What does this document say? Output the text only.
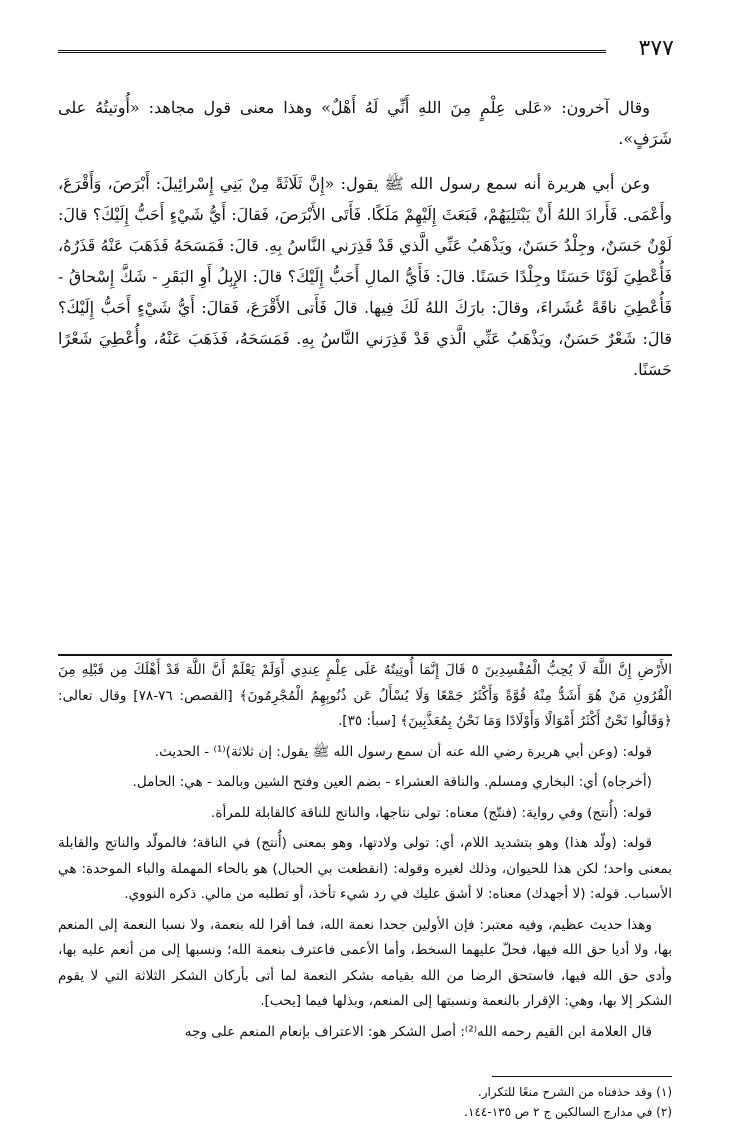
٣٧٧

وقال آخرون: «عَلى عِلْمٍ مِنَ اللهِ أَنِّي لَهُ أَهْلٌ» وهذا معنى قول مجاهد: «أُوتيتُهُ على شَرَفٍ».

وعن أبي هريرة أنه سمع رسول الله ﷺ يقول: «إِنَّ ثَلَاثَةً مِنْ بَنِي إِسْرائِيلَ: أَبْرَصَ، وَأَقْرَعَ، وأَعْمَى. فَأَرادَ اللهُ أَنْ يَبْتَلِيَهُمْ، فَبَعَثَ إِلَيْهِمْ مَلَكًا. فَأَتَى الأَبْرَصَ، فَقالَ: أَيُّ شَيْءٍ أَحَبُّ إِلَيْكَ؟ قالَ: لَوْنٌ حَسَنٌ، وجِلْدٌ حَسَنٌ، ويَذْهَبُ عَنِّي الَّذي قَدْ قَذِرَني النَّاسُ بِهِ. قالَ: فَمَسَحَهُ فَذَهَبَ عَنْهُ قَذَرُهُ، فَأُعْطِيَ لَوْنًا حَسَنًا وجِلْدًا حَسَنًا. قالَ: فَأَيُّ المالِ أَحَبُّ إِلَيْكَ؟ قالَ: الإِبِلُ أَوِ البَقَرِ - شَكَّ إِسْحاقُ - فَأُعْطِيَ ناقَةً عُشَراءَ، وقالَ: بارَكَ اللهُ لَكَ فِيها. قالَ فَأَتى الأَقْرَعَ، فَقالَ: أَيُّ شَيْءٍ أَحَبُّ إِلَيْكَ؟ قالَ: شَعْرٌ حَسَنٌ، ويَذْهَبُ عَنِّي الَّذي قَدْ قَذِرَني النَّاسُ بِهِ. فَمَسَحَهُ، فَذَهَبَ عَنْهُ، وأُعْطِيَ شَعْرًا حَسَنًا.

الأَرْضِ إِنَّ اللَّهَ لَا يُحِبُّ الْمُفْسِدِينَ ٥ قَالَ إِنَّمَا أُوتِيتُهُ عَلَى عِلْمٍ عِندِي أَوَلَمْ يَعْلَمْ أَنَّ اللَّهَ قَدْ أَهْلَكَ مِن قَبْلِهِ مِنَ الْقُرُونِ مَنْ هُوَ أَشَدُّ مِنْهُ قُوَّةً وَأَكْثَرُ جَمْعًا وَلَا يُسْأَلُ عَن ذُنُوبِهِمُ الْمُجْرِمُونَ﴾ [القصص: ٧٦-٧٨] وقال تعالى: ﴿وَقَالُوا نَحْنُ أَكْثَرُ أَمْوَالًا وَأَوْلَادًا وَمَا نَحْنُ بِمُعَذَّبِينَ﴾ [سبأ: ٣٥].

قوله: (وعن أبي هريرة رضي الله عنه أن سمع رسول الله ﷺ يقول: إن ثلاثة)⁽¹⁾ - الحديث.

(أخرجاه) أي: البخاري ومسلم. والناقة العشراء - بضم العين وفتح الشين وبالمد - هي: الحامل.

قوله: (أُنتج) وفي رواية: (فنتّج) معناه: تولى نتاجها، والناتج للناقة كالقابلة للمرأة.

قوله: (ولّد هذا) وهو بتشديد اللام، أي: تولى ولادتها، وهو بمعنى (أُنتج) في الناقة؛ فالمولّد والناتج والقابلة بمعنى واحد؛ لكن هذا للحيوان، وذلك لغيره وقوله: (انقطعت بي الحبال) هو بالحاء المهملة والباء الموحدة: هي الأسباب. قوله: (لا أجهدك) معناه: لا أشق عليك في رد شيء تأخذ، أو تطلبه من مالي. ذكره النووي.

وهذا حديث عظيم، وفيه معتبر: فإن الأولين جحدا نعمة الله، فما أقرا لله بنعمة، ولا نسبا النعمة إلى المنعم بها، ولا أديا حق الله فيها، فحلّ عليهما السخط، وأما الأعمى فاعترف بنعمة الله؛ ونسبها إلى من أنعم عليه بها، وأدى حق الله فيها، فاستحق الرضا من الله بقيامه بشكر النعمة لما أتى بأركان الشكر الثلاثة التي لا يقوم الشكر إلا بها، وهي: الإقرار بالنعمة ونسبتها إلى المنعم، وبذلها فيما [يحب].

قال العلامة ابن القيم رحمه الله⁽²⁾: أصل الشكر هو: الاعتراف بإنعام المنعم على وجه

(١) وقد حذفناه من الشرح منعًا للتكرار.

(٢) في مدارج السالكين ج ٢ ص ١٣٥-١٤٤.
